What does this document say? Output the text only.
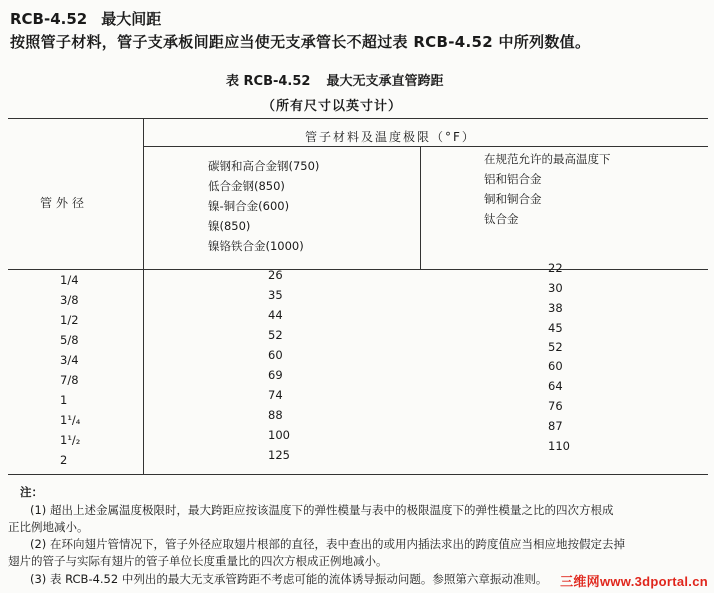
RCB-4.52 最大间距
按照管子材料，管子支承板间距应当使无支承管长不超过表 RCB-4.52 中所列数值。
表 RCB-4.52 最大无支承直管跨距
（所有尺寸以英寸计）
管子材料及温度极限（°F）
管外径
碳钢和高合金钢(750)
低合金钢(850)
镍-铜合金(600)
镍(850)
镍铬铁合金(1000)
在规范允许的最高温度下
铝和铝合金
铜和铜合金
钛合金
1/4
3/8
1/2
5/8
3/4
7/8
1
1¹/₄
1¹/₂
2
26
35
44
52
60
69
74
88
100
125
22
30
38
45
52
60
64
76
87
110
注：
(1) 超出上述金属温度极限时，最大跨距应按该温度下的弹性模量与表中的极限温度下的弹性模量之比的四次方根成
正比例地减小。
(2) 在环向翅片管情况下，管子外径应取翅片根部的直径，表中查出的或用内插法求出的跨度值应当相应地按假定去掉
翅片的管子与实际有翅片的管子单位长度重量比的四次方根成正例地减小。
(3) 表 RCB-4.52 中列出的最大无支承管跨距不考虑可能的流体诱导振动问题。参照第六章振动准则。 三维网www.3dportal.cn
